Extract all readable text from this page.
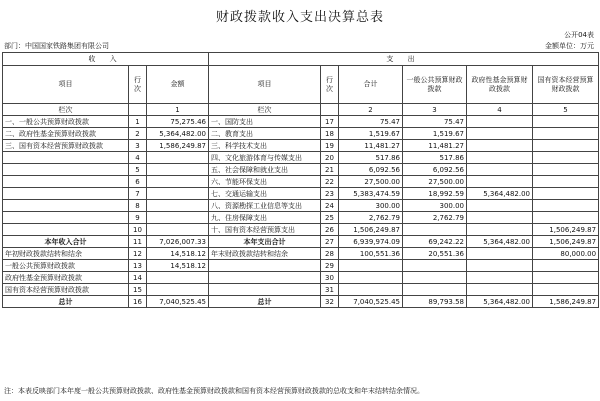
财政拨款收入支出决算总表
公开04表
部门：中国国家铁路集团有限公司	金额单位：万元
收 入			支 出					
项目	行次	金额	项目	行次	合计	一般公共预算财政拨款	政府性基金预算财政拨款	国有资本经营预算财政拨款
栏次		1	栏次		2	3	4	5
一、一般公共预算财政拨款	1	75,275.46	一、国防支出	17	75.47	75.47		
二、政府性基金预算财政拨款	2	5,364,482.00	二、教育支出	18	1,519.67	1,519.67		
三、国有资本经营预算财政拨款	3	1,586,249.87	三、科学技术支出	19	11,481.27	11,481.27		
	4		四、文化旅游体育与传媒支出	20	517.86	517.86		
	5		五、社会保障和就业支出	21	6,092.56	6,092.56		
	6		六、节能环保支出	22	27,500.00	27,500.00		
	7		七、交通运输支出	23	5,383,474.59	18,992.59	5,364,482.00	
	8		八、资源勘探工业信息等支出	24	300.00	300.00		
	9		九、住房保障支出	25	2,762.79	2,762.79		
	10		十、国有资本经营预算支出	26	1,506,249.87			1,506,249.87
本年收入合计	11	7,026,007.33	本年支出合计	27	6,939,974.09	69,242.22	5,364,482.00	1,506,249.87
年初财政拨款结转和结余	12	14,518.12	年末财政拨款结转和结余	28	100,551.36	20,551.36		80,000.00
一般公共预算财政拨款	13	14,518.12		29				
政府性基金预算财政拨款	14			30				
国有资本经营预算财政拨款	15			31				
总计	16	7,040,525.45	总计	32	7,040,525.45	89,793.58	5,364,482.00	1,586,249.87
注：本表反映部门本年度一般公共预算财政拨款、政府性基金预算财政拨款和国有资本经营预算财政拨款的总收支和年末结转结余情况。
